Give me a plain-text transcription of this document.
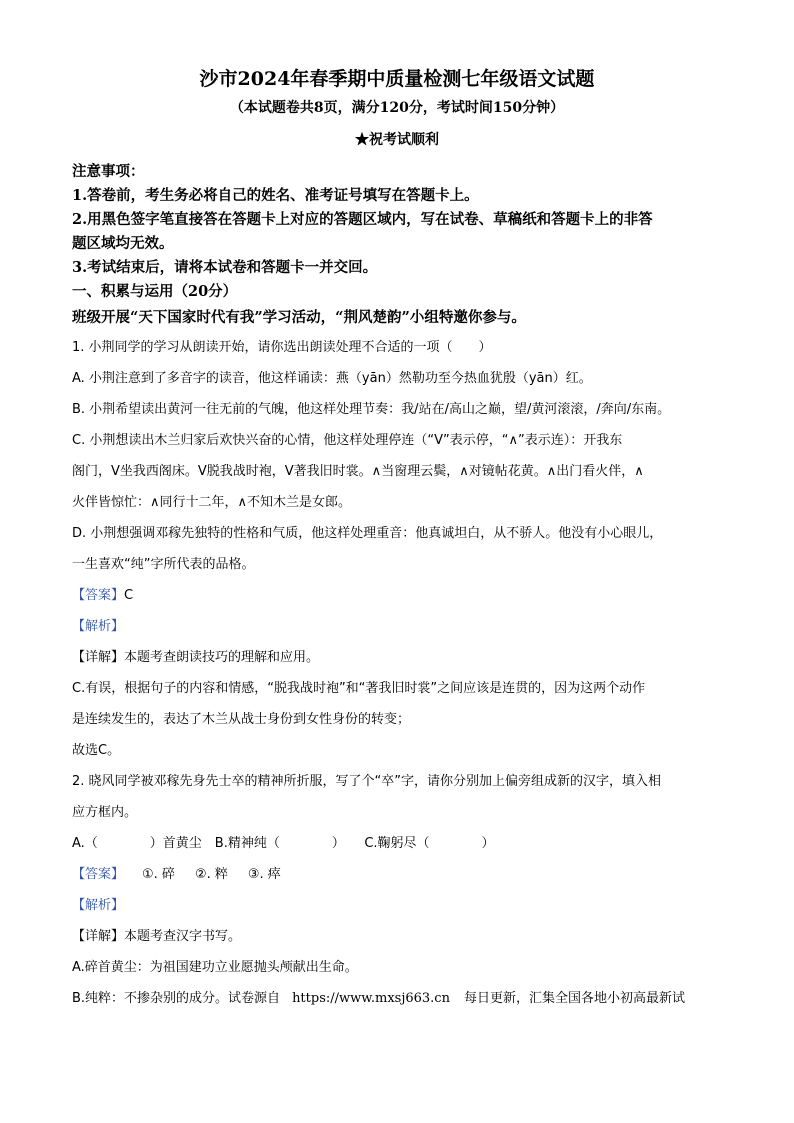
沙市2024年春季期中质量检测七年级语文试题
（本试题卷共8页，满分120分，考试时间150分钟）
★祝考试顺利

注意事项：

1.答卷前，考生务必将自己的姓名、准考证号填写在答题卡上。

2.用黑色签字笔直接答在答题卡上对应的答题区域内，写在试卷、草稿纸和答题卡上的非答

题区域均无效。

3.考试结束后，请将本试卷和答题卡一并交回。

一、积累与运用（20分）

班级开展“天下国家时代有我”学习活动，“荆风楚韵”小组特邀你参与。

1. 小荆同学的学习从朗读开始，请你选出朗读处理不合适的一项（　　）

A. 小荆注意到了多音字的读音，他这样诵读：燕（yān）然勒功至今热血犹殷（yān）红。

B. 小荆希望读出黄河一往无前的气魄，他这样处理节奏：我/站在/高山之巅，望/黄河滚滚，/奔向/东南。

C. 小荆想读出木兰归家后欢快兴奋的心情，他这样处理停连（“V”表示停，“∧”表示连）：开我东

阁门，V坐我西阁床。V脱我战时袍，V著我旧时裳。∧当窗理云鬓，∧对镜帖花黄。∧出门看火伴，∧

火伴皆惊忙：∧同行十二年，∧不知木兰是女郎。

D. 小荆想强调邓稼先独特的性格和气质，他这样处理重音：他真诚坦白，从不骄人。他没有小心眼儿，

一生喜欢“纯”字所代表的品格。

【答案】C

【解析】

【详解】本题考查朗读技巧的理解和应用。

C.有误，根据句子的内容和情感，“脱我战时袍”和“著我旧时裳”之间应该是连贯的，因为这两个动作

是连续发生的，表达了木兰从战士身份到女性身份的转变；

故选C。

2. 晓风同学被邓稼先身先士卒的精神所折服，写了个“卒”字，请你分别加上偏旁组成新的汉字，填入相

应方框内。

A.（　　　　）首黄尘　B.精神纯（　　　　）　　C.鞠躬尽（　　　　）

【答案】 ①. 碎 ②. 粹 ③. 瘁

【解析】

【详解】本题考查汉字书写。

A.碎首黄尘：为祖国建功立业愿抛头颅献出生命。

B.纯粹：不掺杂别的成分。试卷源自 https://www.mxsj663.cn 每日更新，汇集全国各地小初高最新试
